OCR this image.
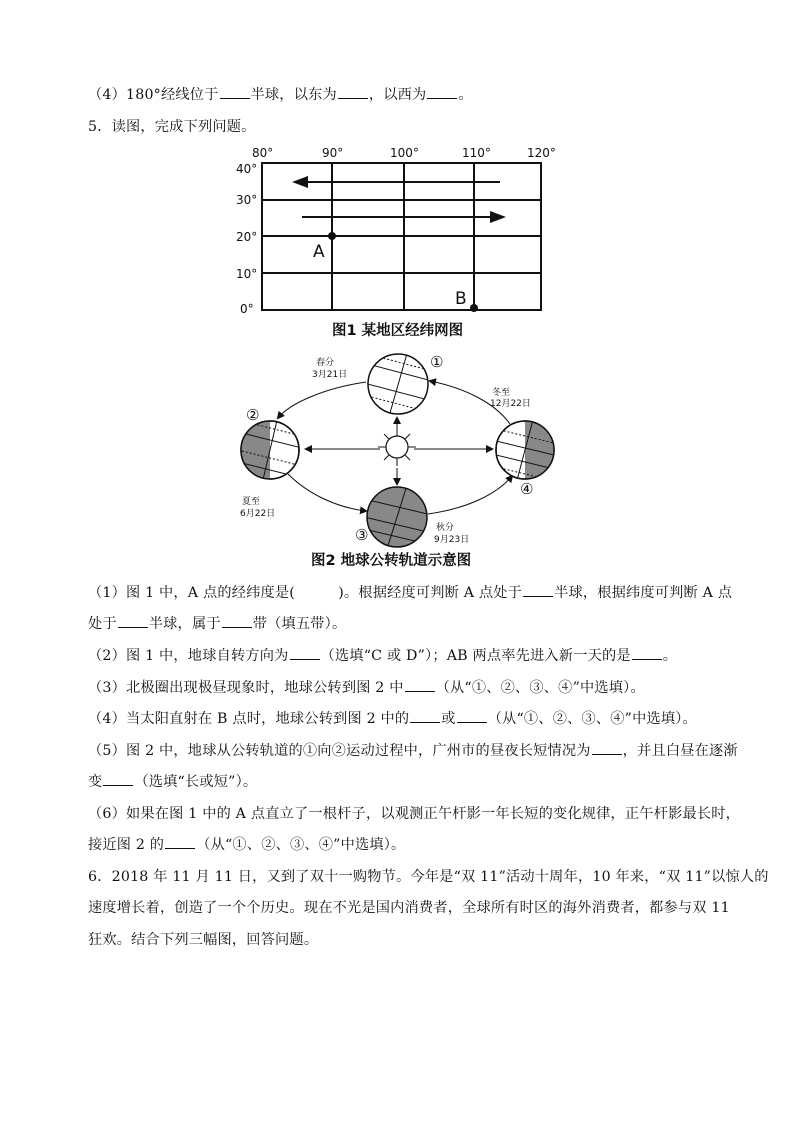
（4）180°经线位于 半球，以东为 ，以西为 。
5．读图，完成下列问题。
80°	90°	100°	110°	120°
40°
30°
20°
10°
0°
A
B
图1 某地区经纬网图
①
②
③
④
春分
3月21日
冬至
12月22日
夏至
6月22日
秋分
9月23日
图2 地球公转轨道示意图
（1）图 1 中，A 点的经纬度是(　　　)。根据经度可判断 A 点处于 半球，根据纬度可判断 A 点
处于 半球，属于 带（填五带）。
（2）图 1 中，地球自转方向为 （选填“C 或 D”）；AB 两点率先进入新一天的是 。
（3）北极圈出现极昼现象时，地球公转到图 2 中 （从“①、②、③、④”中选填）。
（4）当太阳直射在 B 点时，地球公转到图 2 中的 或 （从“①、②、③、④”中选填）。
（5）图 2 中，地球从公转轨道的①向②运动过程中，广州市的昼夜长短情况为 ，并且白昼在逐渐
变 （选填“长或短”）。
（6）如果在图 1 中的 A 点直立了一根杆子，以观测正午杆影一年长短的变化规律，正午杆影最长时，
接近图 2 的 （从“①、②、③、④”中选填）。
6．2018 年 11 月 11 日，又到了双十一购物节。今年是“双 11”活动十周年，10 年来，“双 11”以惊人的
速度增长着，创造了一个个历史。现在不光是国内消费者，全球所有时区的海外消费者，都参与双 11
狂欢。结合下列三幅图，回答问题。
